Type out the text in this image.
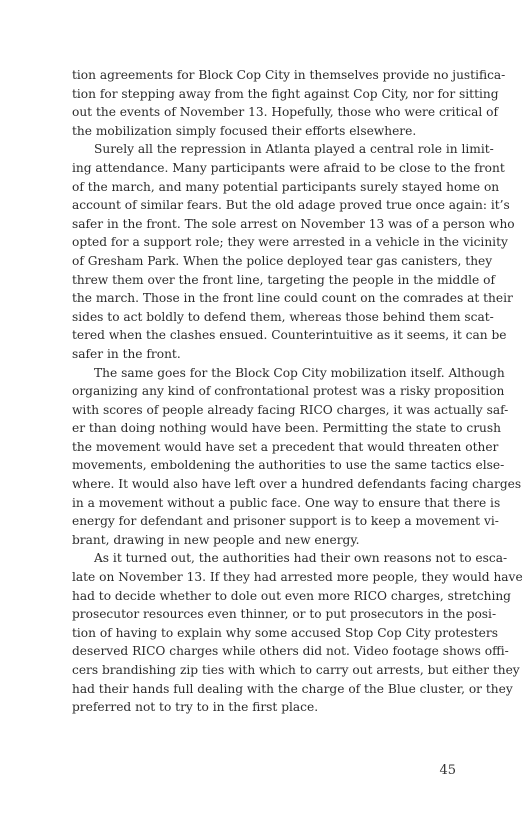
tion agreements for Block Cop City in themselves provide no justifica-
tion for stepping away from the fight against Cop City, nor for sitting
out the events of November 13. Hopefully, those who were critical of
the mobilization simply focused their efforts elsewhere.
Surely all the repression in Atlanta played a central role in limit-
ing attendance. Many participants were afraid to be close to the front
of the march, and many potential participants surely stayed home on
account of similar fears. But the old adage proved true once again: it’s
safer in the front. The sole arrest on November 13 was of a person who
opted for a support role; they were arrested in a vehicle in the vicinity
of Gresham Park. When the police deployed tear gas canisters, they
threw them over the front line, targeting the people in the middle of
the march. Those in the front line could count on the comrades at their
sides to act boldly to defend them, whereas those behind them scat-
tered when the clashes ensued. Counterintuitive as it seems, it can be
safer in the front.
The same goes for the Block Cop City mobilization itself. Although
organizing any kind of confrontational protest was a risky proposition
with scores of people already facing RICO charges, it was actually saf-
er than doing nothing would have been. Permitting the state to crush
the movement would have set a precedent that would threaten other
movements, emboldening the authorities to use the same tactics else-
where. It would also have left over a hundred defendants facing charges
in a movement without a public face. One way to ensure that there is
energy for defendant and prisoner support is to keep a movement vi-
brant, drawing in new people and new energy.
As it turned out, the authorities had their own reasons not to esca-
late on November 13. If they had arrested more people, they would have
had to decide whether to dole out even more RICO charges, stretching
prosecutor resources even thinner, or to put prosecutors in the posi-
tion of having to explain why some accused Stop Cop City protesters
deserved RICO charges while others did not. Video footage shows offi-
cers brandishing zip ties with which to carry out arrests, but either they
had their hands full dealing with the charge of the Blue cluster, or they
preferred not to try to in the first place.
45
